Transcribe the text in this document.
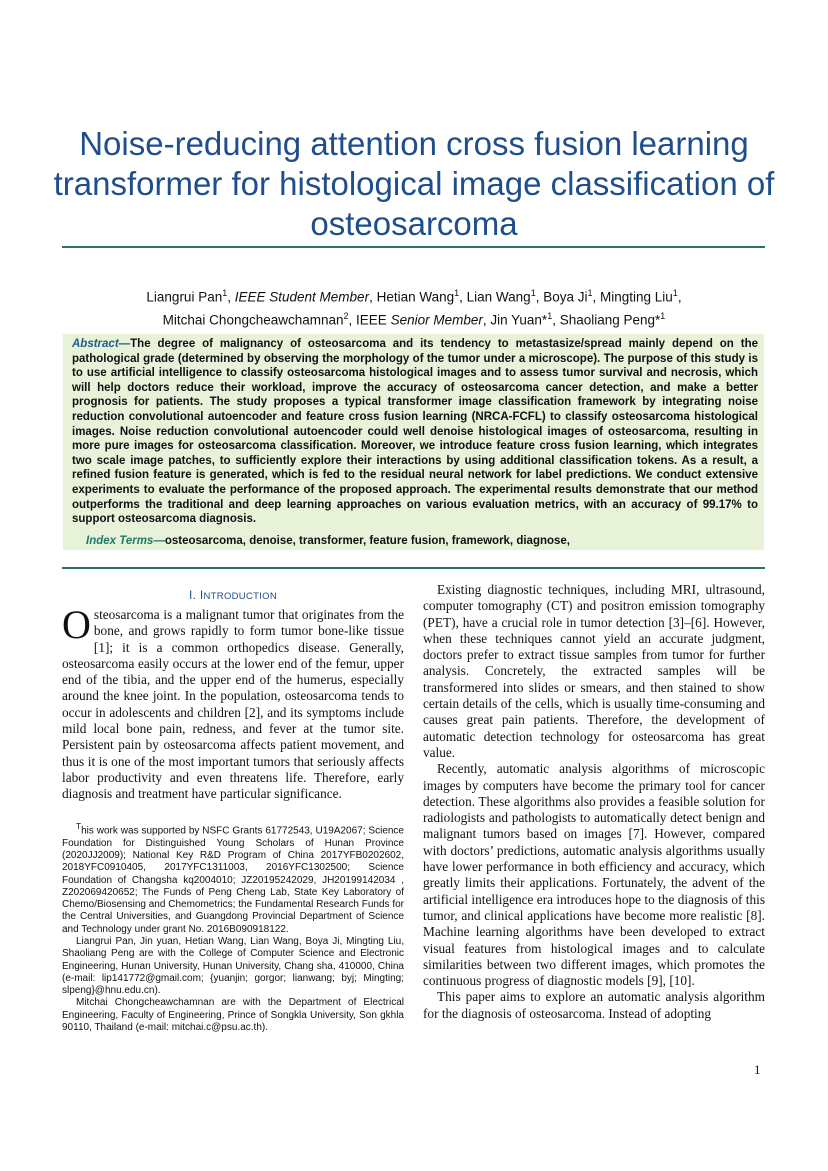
Noise-reducing attention cross fusion learning transformer for histological image classification of osteosarcoma
Liangrui Pan$^1$, IEEE Student Member, Hetian Wang$^1$, Lian Wang$^1$, Boya Ji$^1$, Mingting Liu$^1$,
Mitchai Chongcheawchamnan$^2$, IEEE Senior Member, Jin Yuan*$^1$, Shaoliang Peng*$^1$

Abstract—The degree of malignancy of osteosarcoma and its tendency to metastasize/spread mainly depend on the pathological grade (determined by observing the morphology of the tumor under a microscope). The purpose of this study is to use artificial intelligence to classify osteosarcoma histological images and to assess tumor survival and necrosis, which will help doctors reduce their workload, improve the accuracy of osteosarcoma cancer detection, and make a better prognosis for patients. The study proposes a typical transformer image classification framework by integrating noise reduction convolutional autoencoder and feature cross fusion learning (NRCA-FCFL) to classify osteosarcoma histological images. Noise reduction convolutional autoencoder could well denoise histological images of osteosarcoma, resulting in more pure images for osteosarcoma classification. Moreover, we introduce feature cross fusion learning, which integrates two scale image patches, to sufficiently explore their interactions by using additional classification tokens. As a result, a refined fusion feature is generated, which is fed to the residual neural network for label predictions. We conduct extensive experiments to evaluate the performance of the proposed approach. The experimental results demonstrate that our method outperforms the traditional and deep learning approaches on various evaluation metrics, with an accuracy of 99.17% to support osteosarcoma diagnosis.

Index Terms—osteosarcoma, denoise, transformer, feature fusion, framework, diagnose,

I. INTRODUCTION

Osteosarcoma is a malignant tumor that originates from the bone, and grows rapidly to form tumor bone-like tissue [1]; it is a common orthopedics disease. Generally, osteosarcoma easily occurs at the lower end of the femur, upper end of the tibia, and the upper end of the humerus, especially around the knee joint. In the population, osteosarcoma tends to occur in adolescents and children [2], and its symptoms include mild local bone pain, redness, and fever at the tumor site. Persistent pain by osteosarcoma affects patient movement, and thus it is one of the most important tumors that seriously affects labor productivity and even threatens life. Therefore, early diagnosis and treatment have particular significance.

$^T$his work was supported by NSFC Grants 61772543, U19A2067; Science Foundation for Distinguished Young Scholars of Hunan Province (2020JJ2009); National Key R&D Program of China 2017YFB0202602, 2018YFC0910405, 2017YFC1311003, 2016YFC1302500; Science Foundation of Changsha kq2004010; JZ20195242029, JH20199142034 , Z202069420652; The Funds of Peng Cheng Lab, State Key Laboratory of Chemo/Biosensing and Chemometrics; the Fundamental Research Funds for the Central Universities, and Guangdong Provincial Department of Science and Technology under grant No. 2016B090918122.

Liangrui Pan, Jin yuan, Hetian Wang, Lian Wang, Boya Ji, Mingting Liu, Shaoliang Peng are with the College of Computer Science and Electronic Engineering, Hunan University, Hunan University, Chang sha, 410000, China (e-mail: lip141772@gmail.com; {yuanjin; gorgor; lianwang; byj; Mingting; slpeng}@hnu.edu.cn).

Mitchai Chongcheawchamnan are with the Department of Electrical Engineering, Faculty of Engineering, Prince of Songkla University, Son gkhla 90110, Thailand (e-mail: mitchai.c@psu.ac.th).

Existing diagnostic techniques, including MRI, ultrasound, computer tomography (CT) and positron emission tomography (PET), have a crucial role in tumor detection [3]–[6]. However, when these techniques cannot yield an accurate judgment, doctors prefer to extract tissue samples from tumor for further analysis. Concretely, the extracted samples will be transformered into slides or smears, and then stained to show certain details of the cells, which is usually time-consuming and causes great pain patients. Therefore, the development of automatic detection technology for osteosarcoma has great value.

Recently, automatic analysis algorithms of microscopic images by computers have become the primary tool for cancer detection. These algorithms also provides a feasible solution for radiologists and pathologists to automatically detect benign and malignant tumors based on images [7]. However, compared with doctors’ predictions, automatic analysis algorithms usually have lower performance in both efficiency and accuracy, which greatly limits their applications. Fortunately, the advent of the artificial intelligence era introduces hope to the diagnosis of this tumor, and clinical applications have become more realistic [8]. Machine learning algorithms have been developed to extract visual features from histological images and to calculate similarities between two different images, which promotes the continuous progress of diagnostic models [9], [10].

This paper aims to explore an automatic analysis algorithm for the diagnosis of osteosarcoma. Instead of adopting

1
